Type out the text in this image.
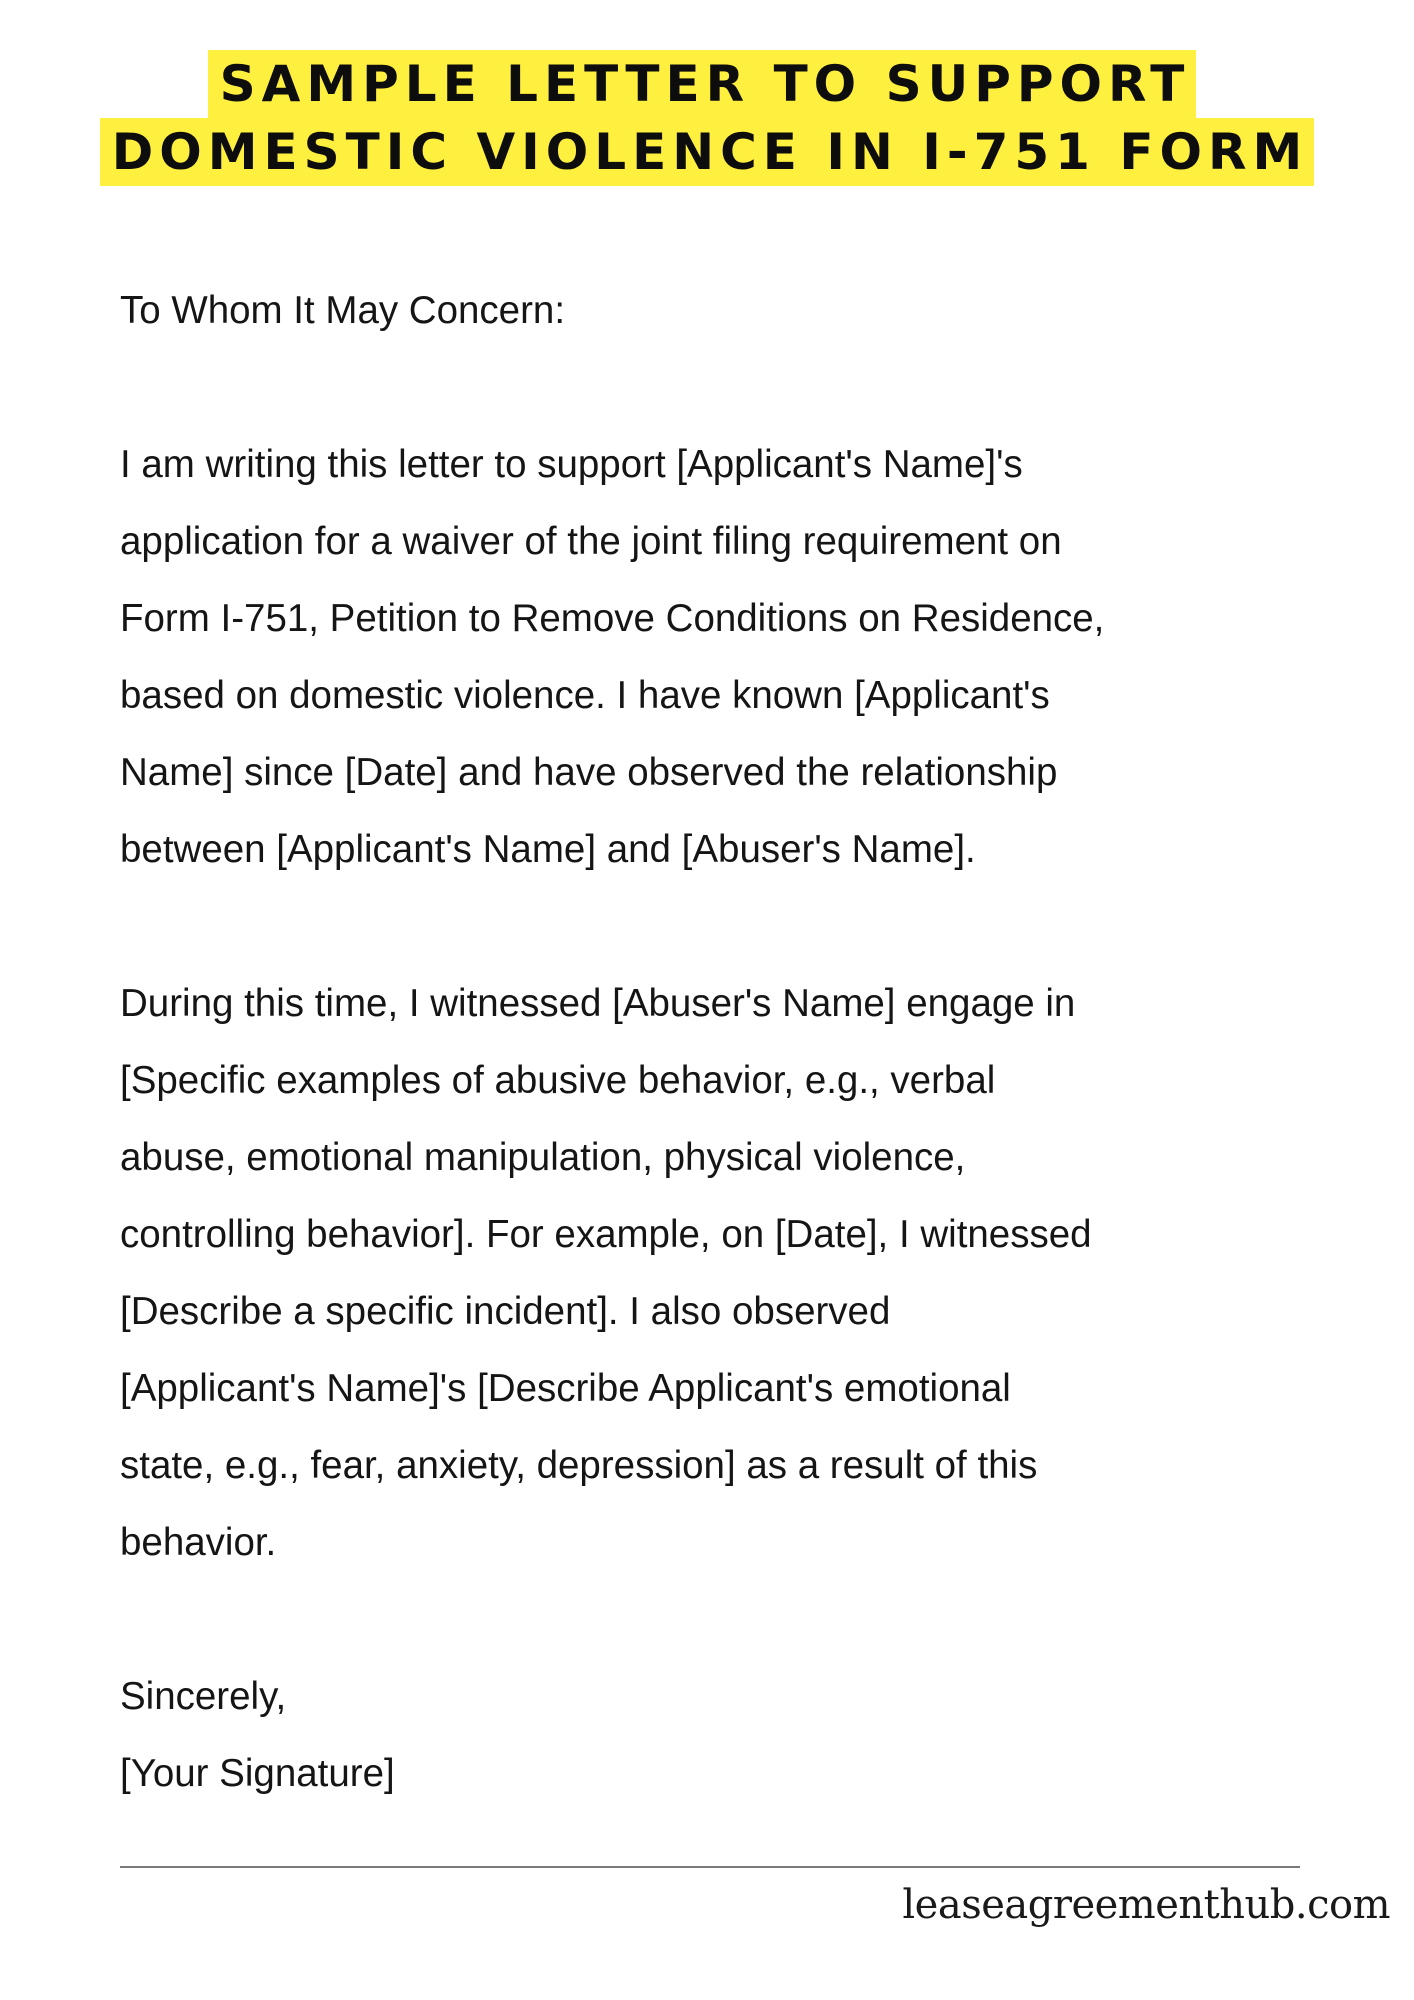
SAMPLE LETTER TO SUPPORT
DOMESTIC VIOLENCE IN I-751 FORM

To Whom It May Concern:

I am writing this letter to support [Applicant's Name]'s

application for a waiver of the joint filing requirement on

Form I-751, Petition to Remove Conditions on Residence,

based on domestic violence. I have known [Applicant's

Name] since [Date] and have observed the relationship

between [Applicant's Name] and [Abuser's Name].

During this time, I witnessed [Abuser's Name] engage in

[Specific examples of abusive behavior, e.g., verbal

abuse, emotional manipulation, physical violence,

controlling behavior]. For example, on [Date], I witnessed

[Describe a specific incident]. I also observed

[Applicant's Name]'s [Describe Applicant's emotional

state, e.g., fear, anxiety, depression] as a result of this

behavior.

Sincerely,

[Your Signature]

leaseagreementhub.com
